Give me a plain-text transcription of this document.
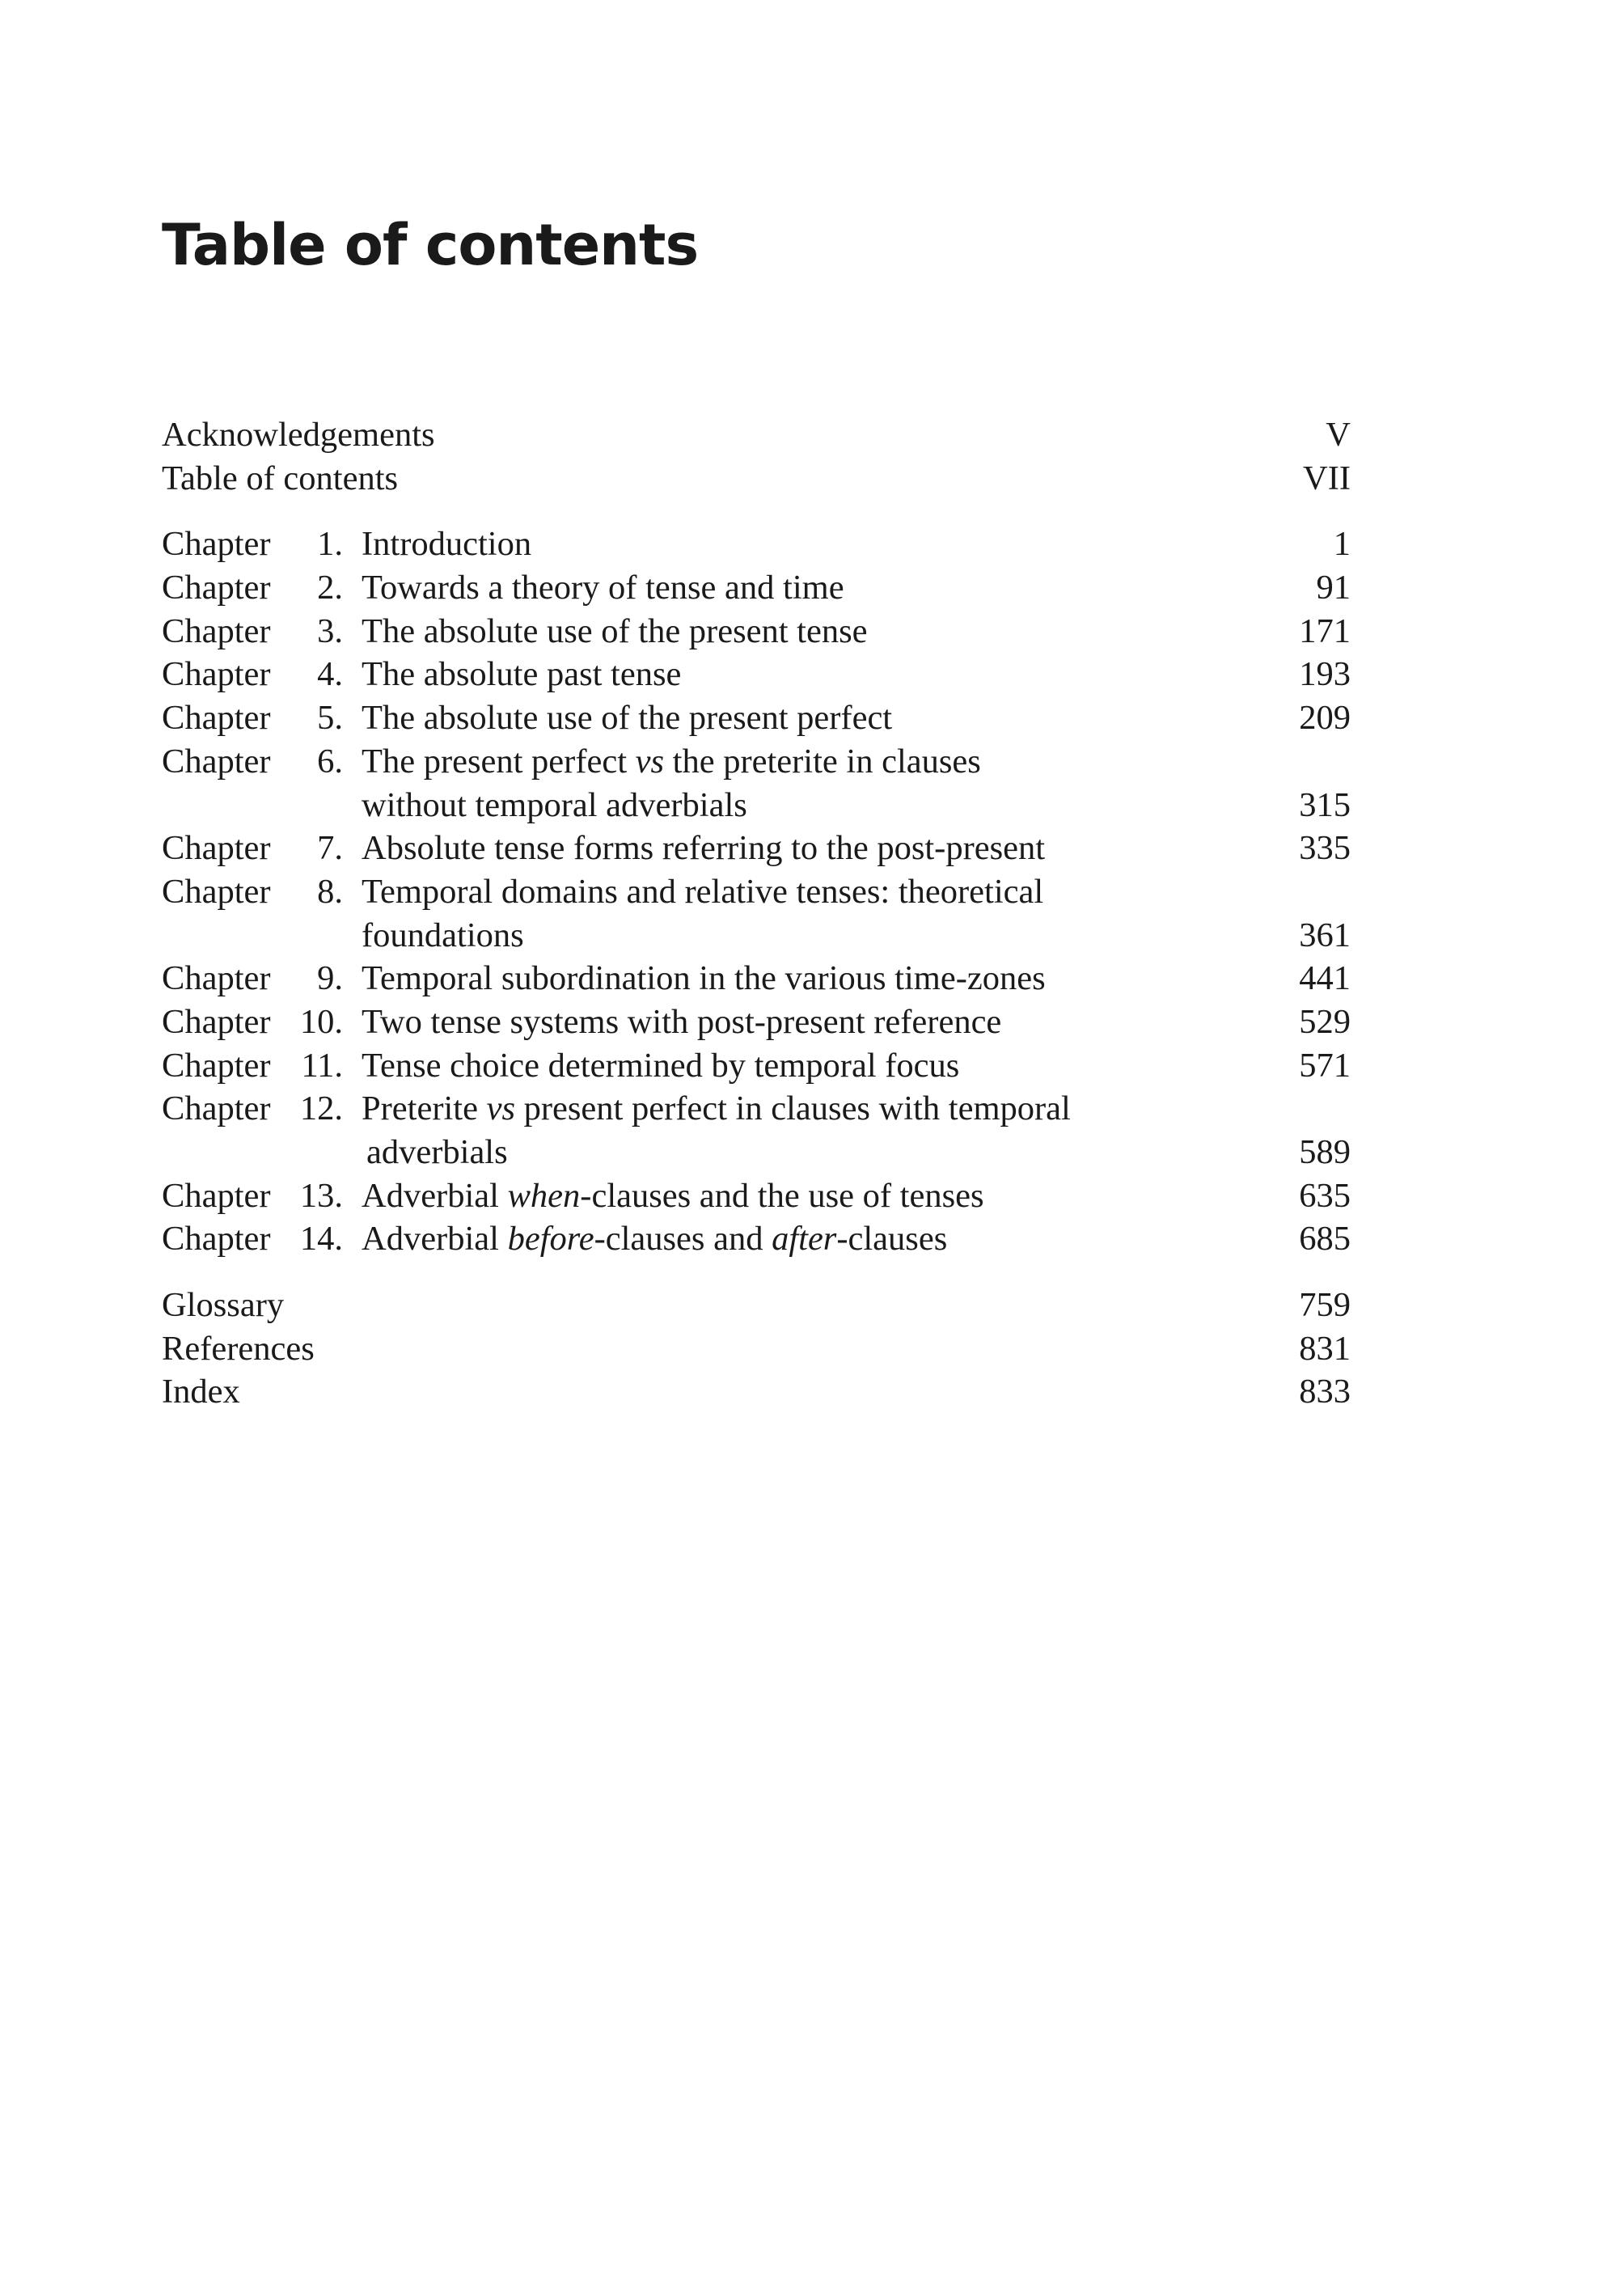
Table of contents
Acknowledgements	V
Table of contents	VII
Chapter 1. Introduction	1
Chapter 2. Towards a theory of tense and time	91
Chapter 3. The absolute use of the present tense	171
Chapter 4. The absolute past tense	193
Chapter 5. The absolute use of the present perfect	209
Chapter 6. The present perfect vs the preterite in clauses
without temporal adverbials	315
Chapter 7. Absolute tense forms referring to the post-present	335
Chapter 8. Temporal domains and relative tenses: theoretical
foundations	361
Chapter 9. Temporal subordination in the various time-zones	441
Chapter 10. Two tense systems with post-present reference	529
Chapter 11. Tense choice determined by temporal focus	571
Chapter 12. Preterite vs present perfect in clauses with temporal
adverbials	589
Chapter 13. Adverbial when-clauses and the use of tenses	635
Chapter 14. Adverbial before-clauses and after-clauses	685
Glossary	759
References	831
Index	833
